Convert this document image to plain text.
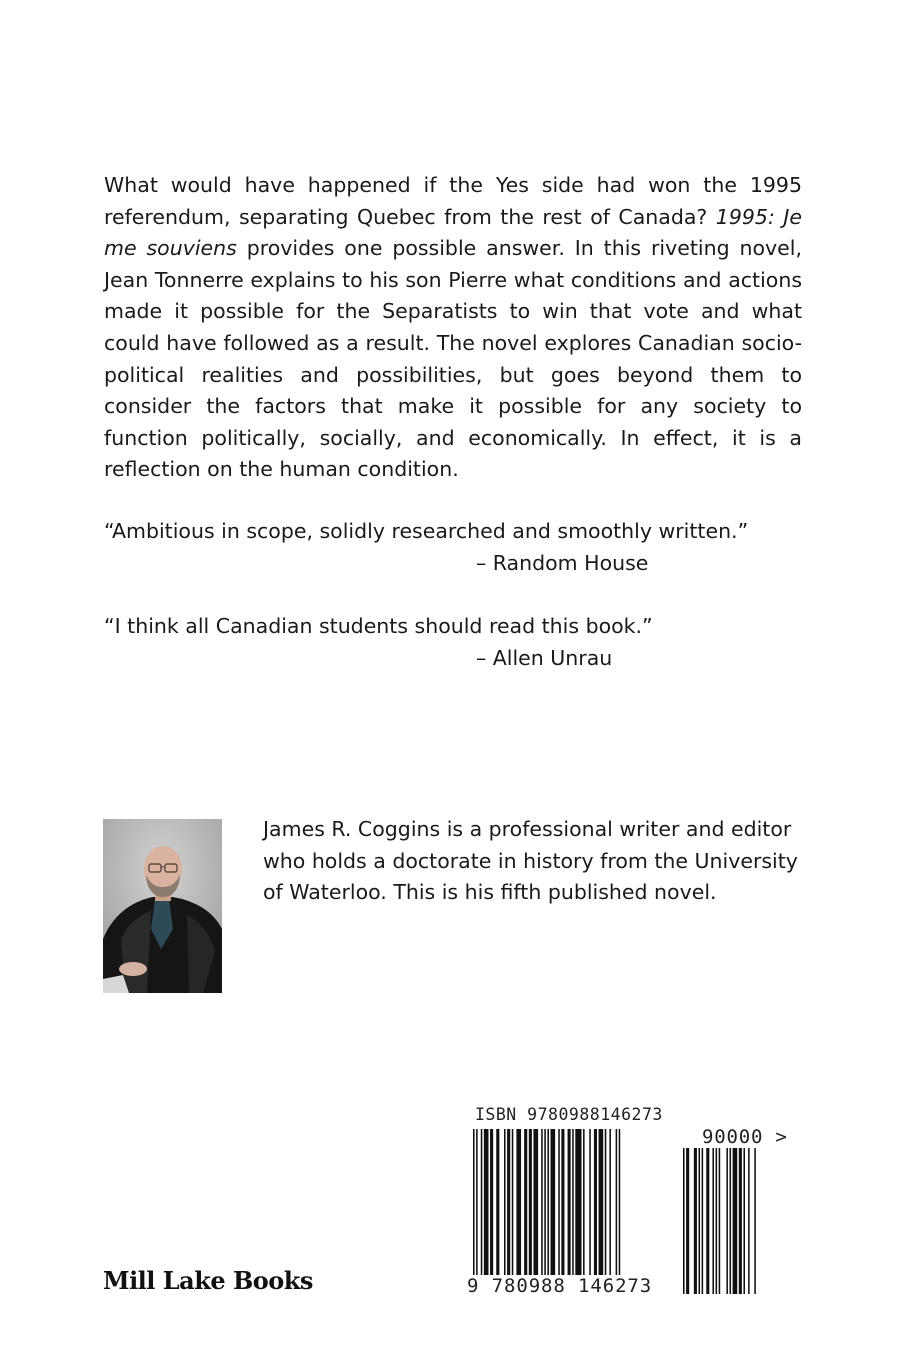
What would have happened if the Yes side had won the 1995 referendum, separating Quebec from the rest of Canada? 1995: Je me souviens provides one possible answer. In this riveting novel, Jean Tonnerre explains to his son Pierre what conditions and actions made it possible for the Separatists to win that vote and what could have followed as a result. The novel explores Canadian socio-political realities and possibilities, but goes beyond them to consider the factors that make it possible for any society to function politically, socially, and economically. In effect, it is a reflection on the human condition.

“Ambitious in scope, solidly researched and smoothly written.”
– Random House
“I think all Canadian students should read this book.”
– Allen Unrau

James R. Coggins is a professional writer and editor who holds a doctorate in history from the University of Waterloo. This is his fifth published novel.

Mill Lake Books
ISBN 9780988146273
90000 >
9 780988 146273
